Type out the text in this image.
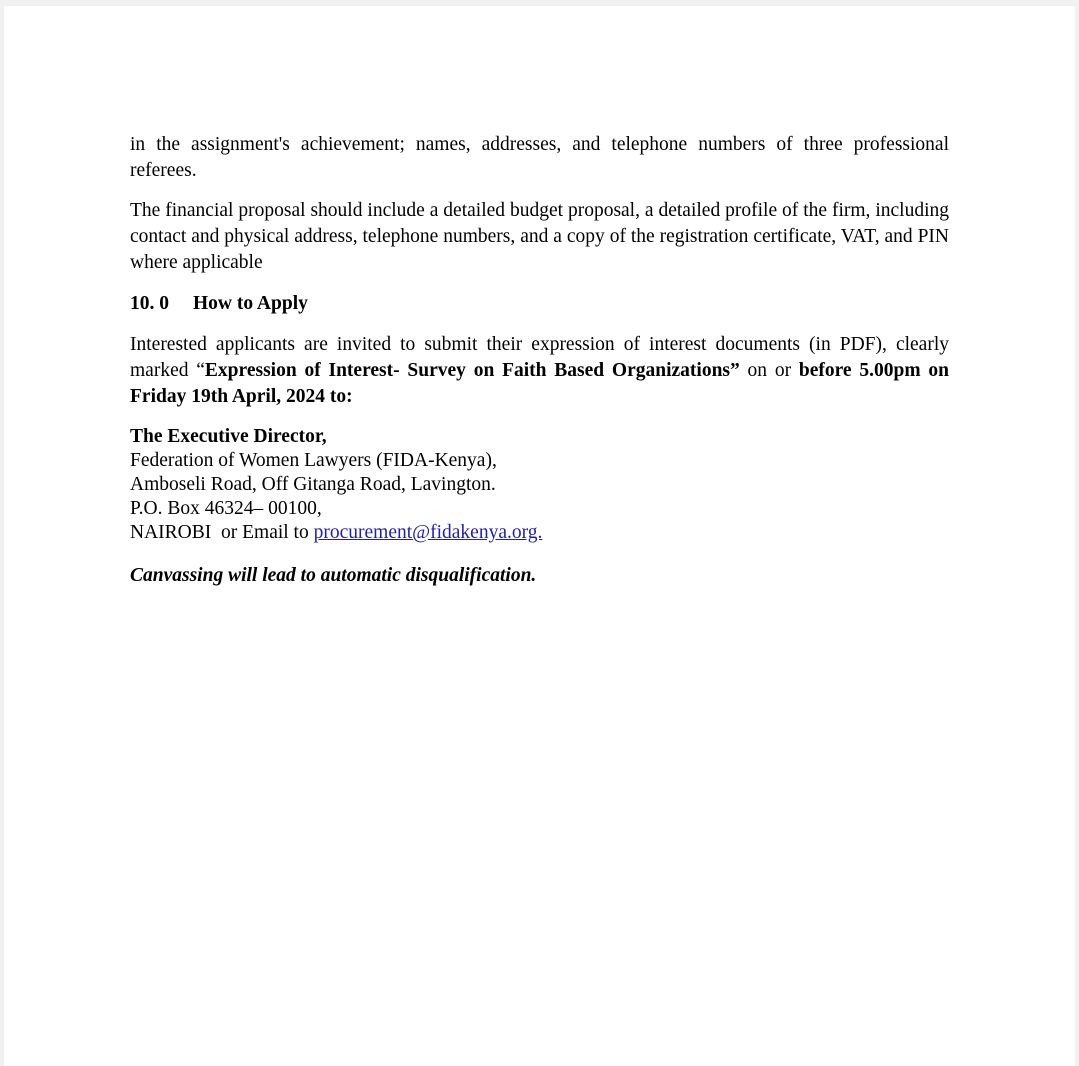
in the assignment's achievement; names, addresses, and telephone numbers of three professional referees.

The financial proposal should include a detailed budget proposal, a detailed profile of the firm, including contact and physical address, telephone numbers, and a copy of the registration certificate, VAT, and PIN where applicable

10. 0 How to Apply

Interested applicants are invited to submit their expression of interest documents (in PDF), clearly marked “Expression of Interest- Survey on Faith Based Organizations” on or before 5.00pm on Friday 19th April, 2024 to:

The Executive Director,
Federation of Women Lawyers (FIDA-Kenya),
Amboseli Road, Off Gitanga Road, Lavington.
P.O. Box 46324– 00100,
NAIROBI  or Email to procurement@fidakenya.org.

Canvassing will lead to automatic disqualification.
